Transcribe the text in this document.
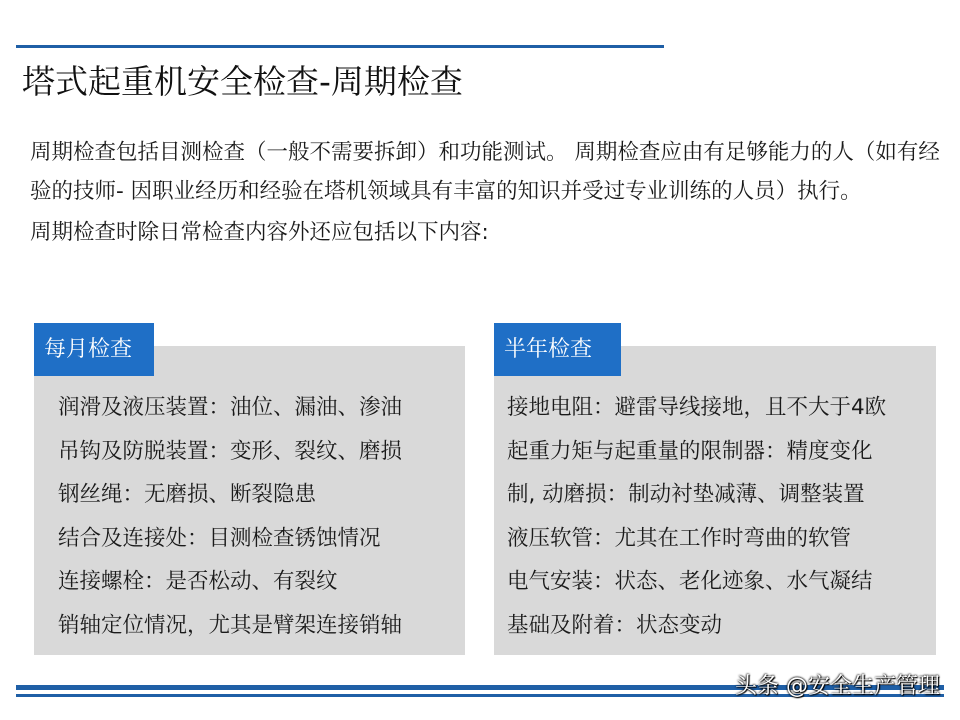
塔式起重机安全检查-周期检查

周期检查包括目测检查（一般不需要拆卸）和功能测试。 周期检查应由有足够能力的人（如有经验的技师- 因职业经历和经验在塔机领域具有丰富的知识并受过专业训练的人员）执行。

周期检查时除日常检查内容外还应包括以下内容:

每月检查
润滑及液压装置：油位、漏油、渗油
吊钩及防脱装置：变形、裂纹、磨损
钢丝绳：无磨损、断裂隐患
结合及连接处：目测检查锈蚀情况
连接螺栓：是否松动、有裂纹
销轴定位情况，尤其是臂架连接销轴
半年检查
接地电阻：避雷导线接地，且不大于4欧
起重力矩与起重量的限制器：精度变化
制, 动磨损：制动衬垫减薄、调整装置
液压软管：尤其在工作时弯曲的软管
电气安装：状态、老化迹象、水气凝结
基础及附着：状态变动
头条 @安全生产管理
